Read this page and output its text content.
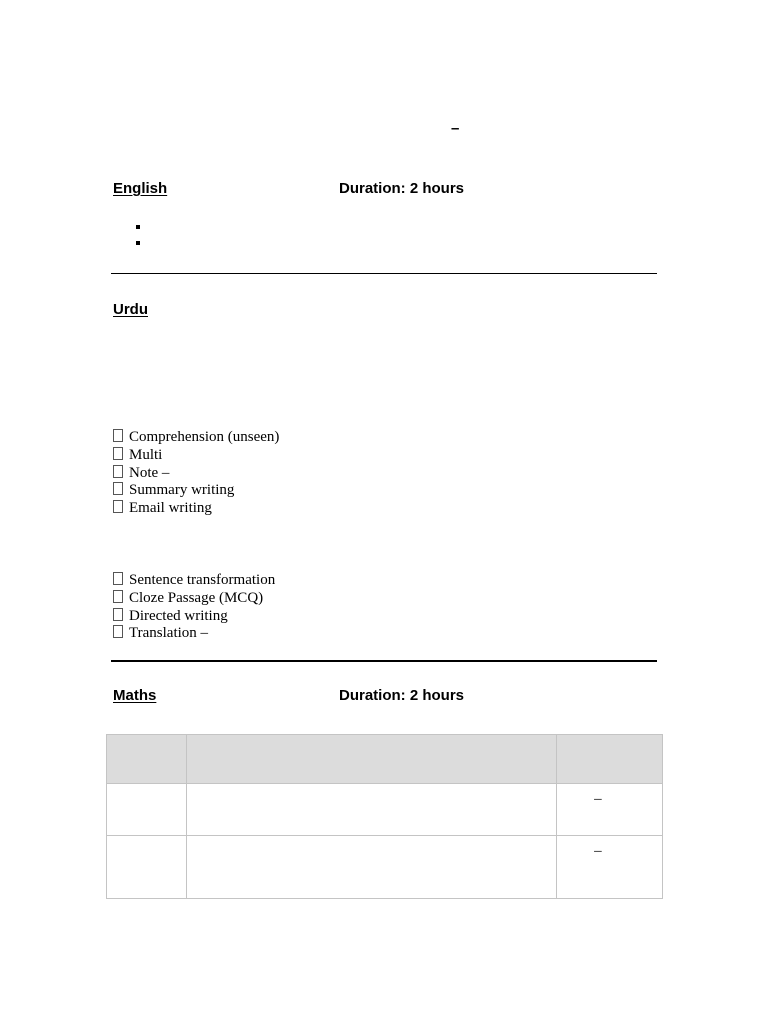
–
English	Duration: 2 hours
Urdu
Comprehension (unseen)
Multi
Note –
Summary writing
Email writing
Sentence transformation
Cloze Passage (MCQ)
Directed writing
Translation –
Maths	Duration: 2 hours

		–

		–
